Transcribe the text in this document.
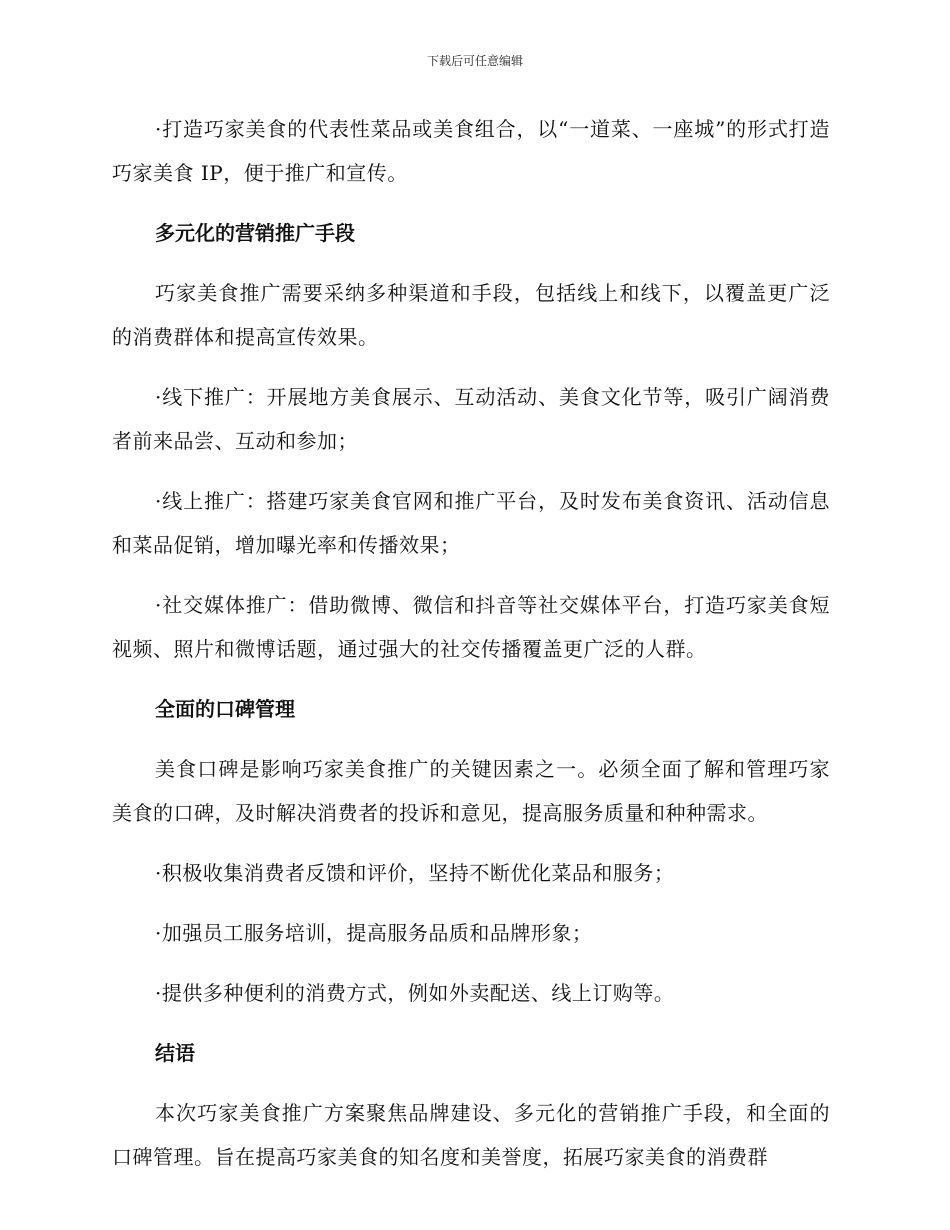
下载后可任意编辑

·打造巧家美食的代表性菜品或美食组合，以“一道菜、一座城”的形式打造巧家美食 IP，便于推广和宣传。

多元化的营销推广手段

巧家美食推广需要采纳多种渠道和手段，包括线上和线下，以覆盖更广泛的消费群体和提高宣传效果。

·线下推广：开展地方美食展示、互动活动、美食文化节等，吸引广阔消费者前来品尝、互动和参加；

·线上推广：搭建巧家美食官网和推广平台，及时发布美食资讯、活动信息和菜品促销，增加曝光率和传播效果；

·社交媒体推广：借助微博、微信和抖音等社交媒体平台，打造巧家美食短视频、照片和微博话题，通过强大的社交传播覆盖更广泛的人群。

全面的口碑管理

美食口碑是影响巧家美食推广的关键因素之一。必须全面了解和管理巧家美食的口碑，及时解决消费者的投诉和意见，提高服务质量和种种需求。

·积极收集消费者反馈和评价，坚持不断优化菜品和服务；

·加强员工服务培训，提高服务品质和品牌形象；

·提供多种便利的消费方式，例如外卖配送、线上订购等。

结语

本次巧家美食推广方案聚焦品牌建设、多元化的营销推广手段，和全面的口碑管理。旨在提高巧家美食的知名度和美誉度，拓展巧家美食的消费群
